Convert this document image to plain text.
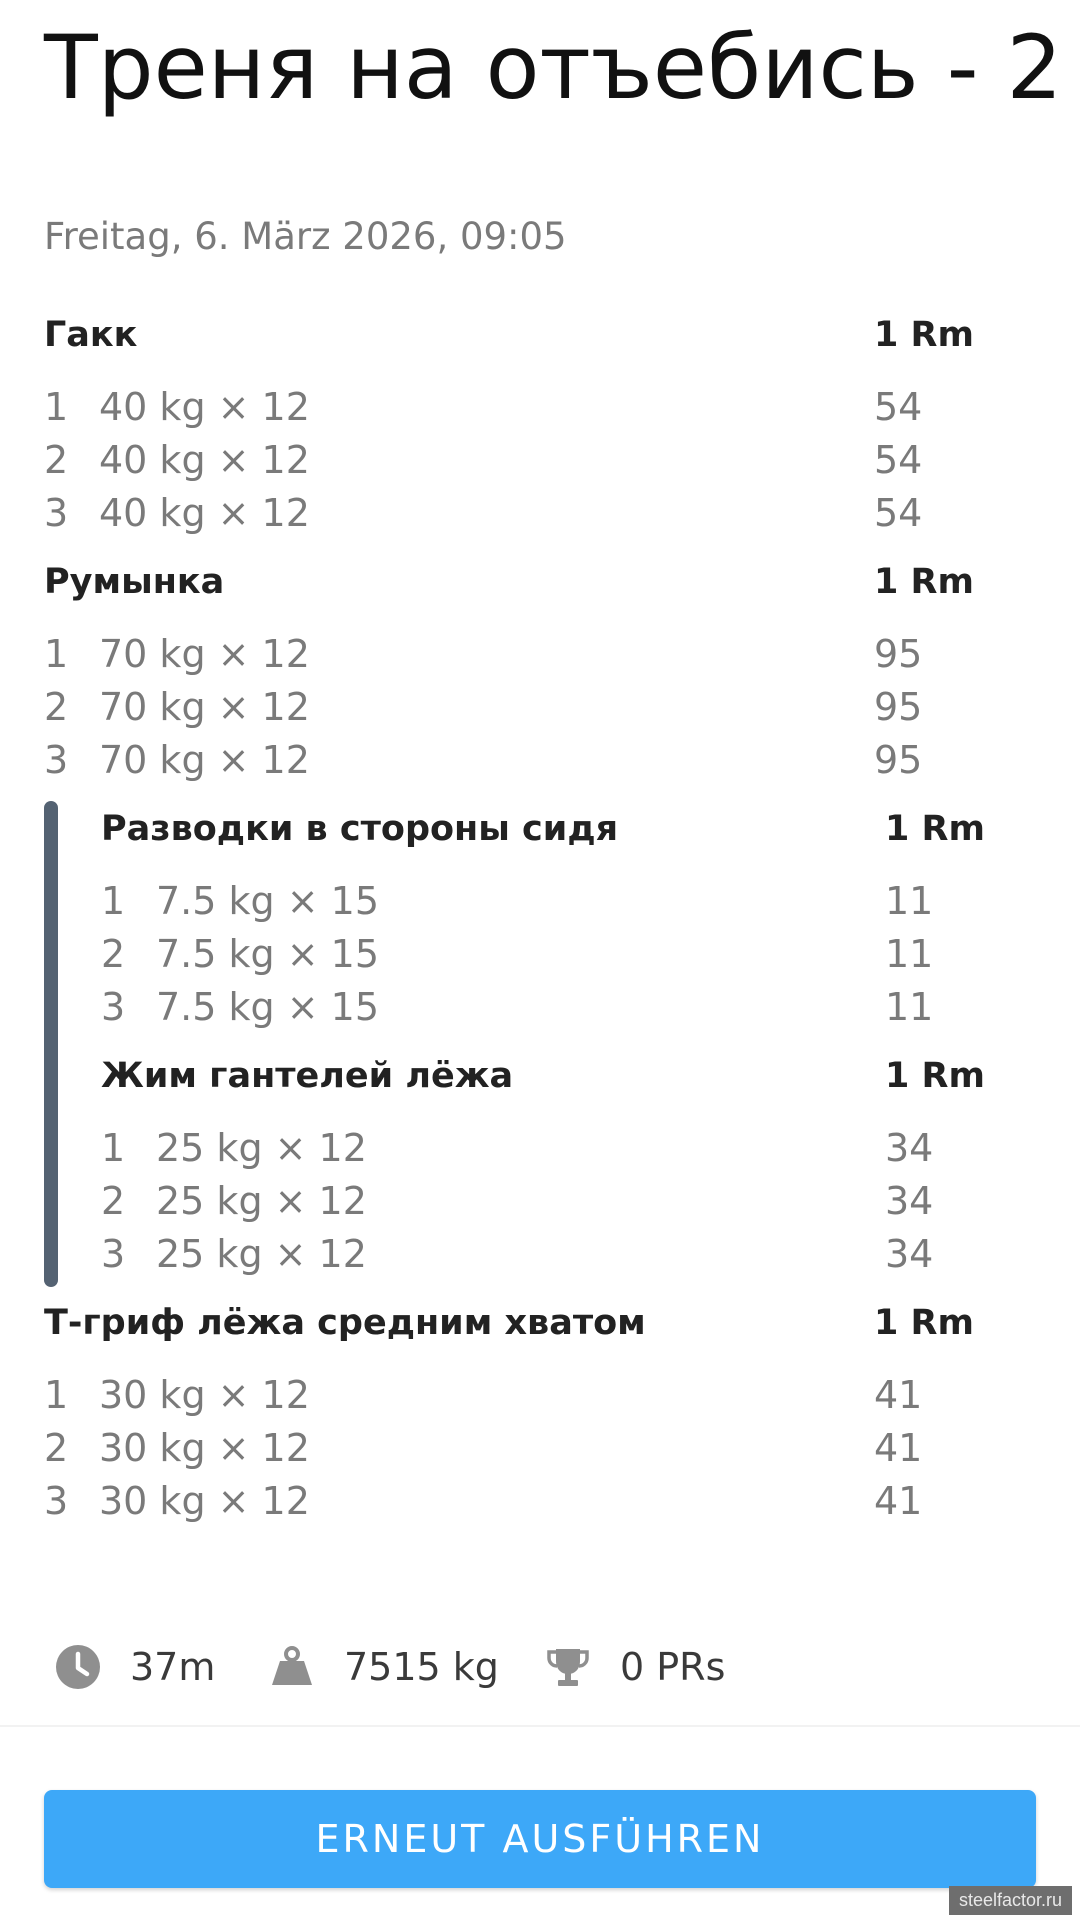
Треня на отъебись - 2
Freitag, 6. März 2026, 09:05
Гакк	1 Rm
1 40 kg × 12	54
2 40 kg × 12	54
3 40 kg × 12	54
Румынка	1 Rm
1 70 kg × 12	95
2 70 kg × 12	95
3 70 kg × 12	95
Разводки в стороны сидя	1 Rm
1 7.5 kg × 15	11
2 7.5 kg × 15	11
3 7.5 kg × 15	11
Жим гантелей лёжа	1 Rm
1 25 kg × 12	34
2 25 kg × 12	34
3 25 kg × 12	34
Т-гриф лёжа средним хватом	1 Rm
1 30 kg × 12	41
2 30 kg × 12	41
3 30 kg × 12	41
37m	7515 kg	0 PRs
ERNEUT AUSFÜHREN
steelfactor.ru
